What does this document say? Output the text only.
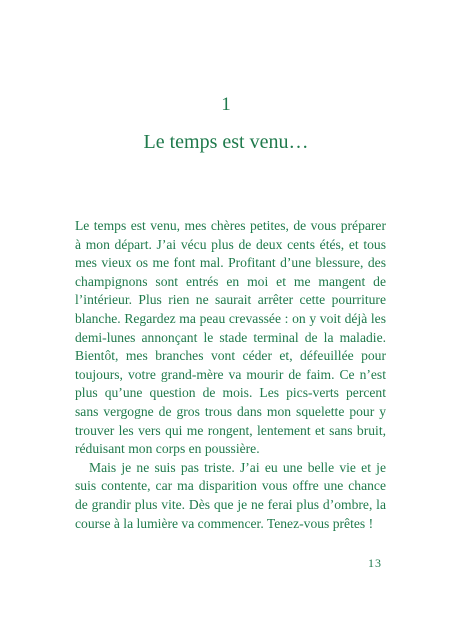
1
Le temps est venu…

Le temps est venu, mes chères petites, de vous préparer à mon départ. J’ai vécu plus de deux cents étés, et tous mes vieux os me font mal. Profitant d’une blessure, des champignons sont entrés en moi et me mangent de l’intérieur. Plus rien ne saurait arrêter cette pourriture blanche. Regardez ma peau crevassée : on y voit déjà les demi-lunes annonçant le stade terminal de la maladie. Bientôt, mes branches vont céder et, défeuillée pour toujours, votre grand-mère va mourir de faim. Ce n’est plus qu’une question de mois. Les pics-verts percent sans vergogne de gros trous dans mon squelette pour y trouver les vers qui me rongent, lentement et sans bruit, réduisant mon corps en poussière.

Mais je ne suis pas triste. J’ai eu une belle vie et je suis contente, car ma disparition vous offre une chance de grandir plus vite. Dès que je ne ferai plus d’ombre, la course à la lumière va commencer. Tenez-vous prêtes !

13
